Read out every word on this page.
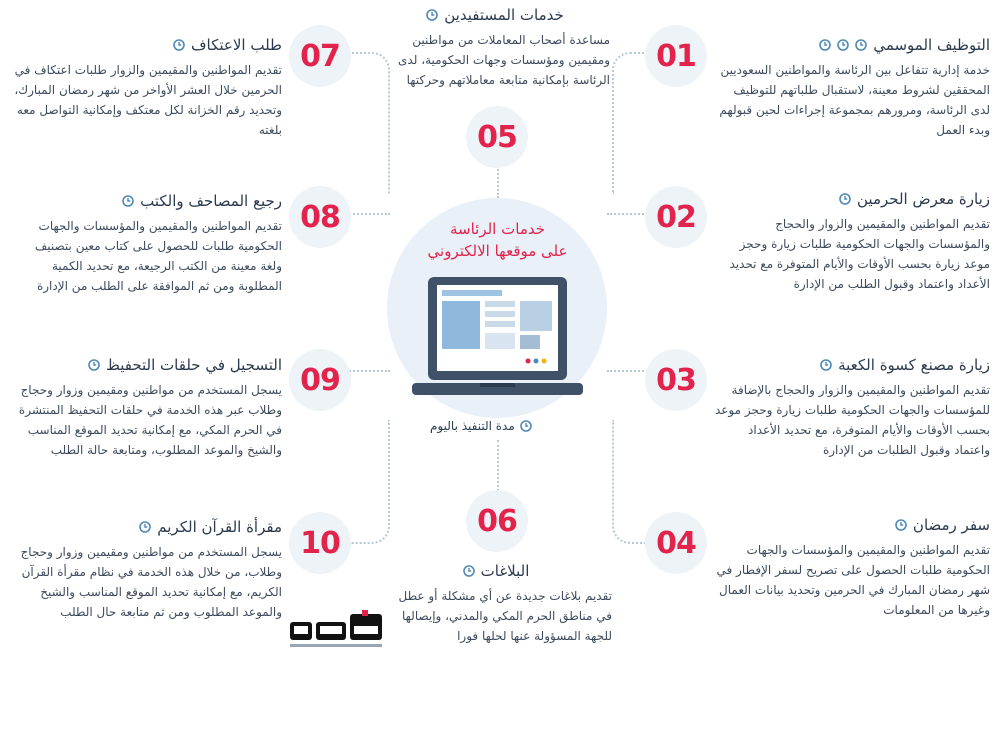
خدمات الرئاسة
على موقعها الالكتروني
مدة التنفيذ باليوم
01
02
03
04
05
06
07
08
09
10
التوظيف الموسمي

خدمة إدارية تتفاعل بين الرئاسة والمواطنين السعوديين المحققين لشروط معينة، لاستقبال طلباتهم للتوظيف لدى الرئاسة، ومرورهم بمجموعة إجراءات لحين قبولهم وبدء العمل

زيارة معرض الحرمين

تقديم المواطنين والمقيمين والزوار والحجاج والمؤسسات والجهات الحكومية طلبات زيارة وحجز موعد زيارة بحسب الأوقات والأيام المتوفرة مع تحديد الأعداد واعتماد وقبول الطلب من الإدارة

زيارة مصنع كسوة الكعبة

تقديم المواطنين والمقيمين والزوار والحجاج بالإضافة للمؤسسات والجهات الحكومية طلبات زيارة وحجز موعد بحسب الأوقات والأيام المتوفرة، مع تحديد الأعداد واعتماد وقبول الطلبات من الإدارة

سفر رمضان

تقديم المواطنين والمقيمين والمؤسسات والجهات الحكومية طلبات الحصول على تصريح لسفر الإفطار في شهر رمضان المبارك في الحرمين وتحديد بيانات العمال وغيرها من المعلومات

خدمات المستفيدين

مساعدة أصحاب المعاملات من مواطنين ومقيمين ومؤسسات وجهات الحكومية، لدى الرئاسة بإمكانية متابعة معاملاتهم وحركتها

البلاغات

تقديم بلاغات جديدة عن أي مشكلة أو عطل في مناطق الحرم المكي والمدني، وإيصالها للجهة المسؤولة عنها لحلها فورا

طلب الاعتكاف

تقديم المواطنين والمقيمين والزوار طلبات اعتكاف في الحرمين خلال العشر الأواخر من شهر رمضان المبارك، وتحديد رقم الخزانة لكل معتكف وإمكانية التواصل معه بلغته

رجيع المصاحف والكتب

تقديم المواطنين والمقيمين والمؤسسات والجهات الحكومية طلبات للحصول على كتاب معين بتصنيف ولغة معينة من الكتب الرجيعة، مع تحديد الكمية المطلوبة ومن ثم الموافقة على الطلب من الإدارة

التسجيل في حلقات التحفيظ

يسجل المستخدم من مواطنين ومقيمين وزوار وحجاج وطلاب عبر هذه الخدمة في حلقات التحفيظ المنتشرة في الحرم المكي، مع إمكانية تحديد الموقع المناسب والشيخ والموعد المطلوب، ومتابعة حالة الطلب

مقرأة القرآن الكريم

يسجل المستخدم من مواطنين ومقيمين وزوار وحجاج وطلاب، من خلال هذه الخدمة في نظام مقرأة القرآن الكريم، مع إمكانية تحديد الموقع المناسب والشيخ والموعد المطلوب ومن ثم متابعة حال الطلب
